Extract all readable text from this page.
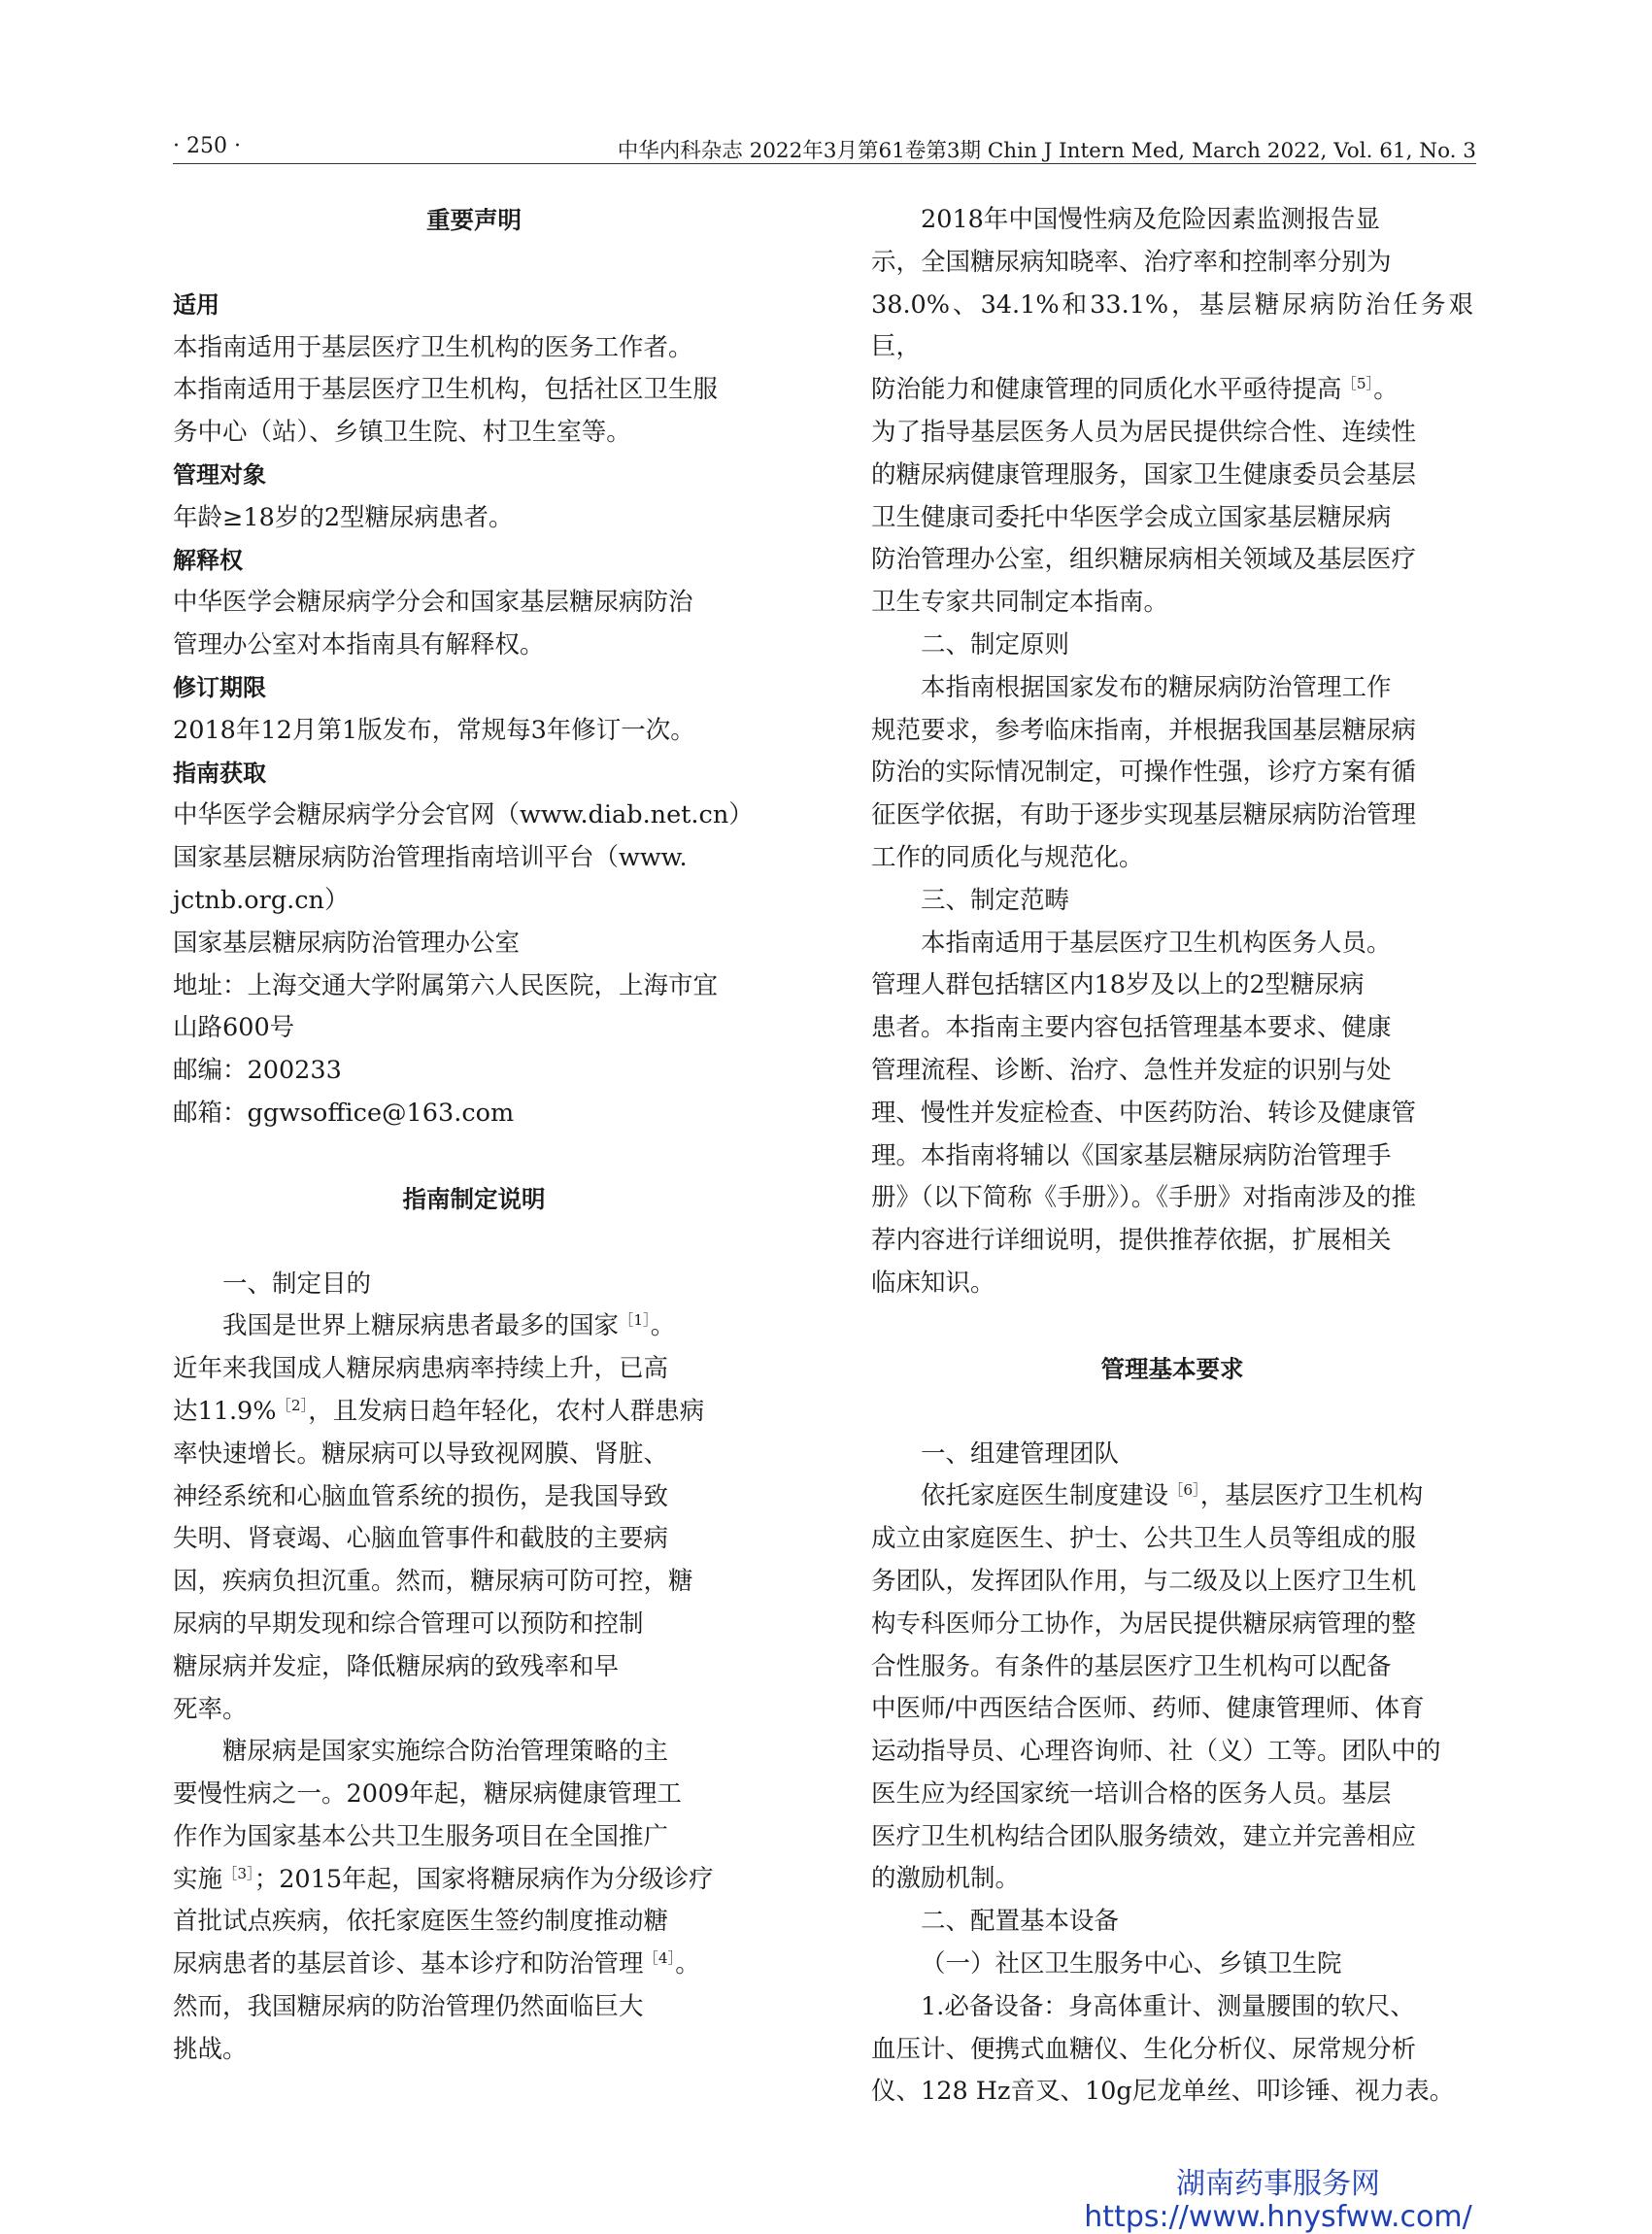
· 250 ·	中华内科杂志 2022年3月第61卷第3期 Chin J Intern Med, March 2022, Vol. 61, No. 3

重要声明

适用

本指南适用于基层医疗卫生机构的医务工作者。

本指南适用于基层医疗卫生机构，包括社区卫生服
务中心（站）、乡镇卫生院、村卫生室等。

管理对象

年龄≥18岁的2型糖尿病患者。

解释权

中华医学会糖尿病学分会和国家基层糖尿病防治
管理办公室对本指南具有解释权。

修订期限

2018年12月第1版发布，常规每3年修订一次。

指南获取

中华医学会糖尿病学分会官网（www.diab.net.cn）

国家基层糖尿病防治管理指南培训平台（www.
jctnb.org.cn）

国家基层糖尿病防治管理办公室

地址：上海交通大学附属第六人民医院，上海市宜
山路600号

邮编：200233

邮箱：ggwsoffice@163.com

指南制定说明

一、制定目的

我国是世界上糖尿病患者最多的国家$^{[1]}$。
近年来我国成人糖尿病患病率持续上升，已高
达11.9%$^{[2]}$，且发病日趋年轻化，农村人群患病
率快速增长。糖尿病可以导致视网膜、肾脏、
神经系统和心脑血管系统的损伤，是我国导致
失明、肾衰竭、心脑血管事件和截肢的主要病
因，疾病负担沉重。然而，糖尿病可防可控，糖
尿病的早期发现和综合管理可以预防和控制
糖尿病并发症，降低糖尿病的致残率和早
死率。

糖尿病是国家实施综合防治管理策略的主
要慢性病之一。2009年起，糖尿病健康管理工
作作为国家基本公共卫生服务项目在全国推广
实施$^{[3]}$；2015年起，国家将糖尿病作为分级诊疗
首批试点疾病，依托家庭医生签约制度推动糖
尿病患者的基层首诊、基本诊疗和防治管理$^{[4]}$。
然而，我国糖尿病的防治管理仍然面临巨大
挑战。

2018年中国慢性病及危险因素监测报告显
示，全国糖尿病知晓率、治疗率和控制率分别为
38.0%、34.1%和33.1%，基层糖尿病防治任务艰巨，
防治能力和健康管理的同质化水平亟待提高$^{[5]}$。
为了指导基层医务人员为居民提供综合性、连续性
的糖尿病健康管理服务，国家卫生健康委员会基层
卫生健康司委托中华医学会成立国家基层糖尿病
防治管理办公室，组织糖尿病相关领域及基层医疗
卫生专家共同制定本指南。

二、制定原则

本指南根据国家发布的糖尿病防治管理工作
规范要求，参考临床指南，并根据我国基层糖尿病
防治的实际情况制定，可操作性强，诊疗方案有循
征医学依据，有助于逐步实现基层糖尿病防治管理
工作的同质化与规范化。

三、制定范畴

本指南适用于基层医疗卫生机构医务人员。
管理人群包括辖区内18岁及以上的2型糖尿病
患者。本指南主要内容包括管理基本要求、健康
管理流程、诊断、治疗、急性并发症的识别与处
理、慢性并发症检查、中医药防治、转诊及健康管
理。本指南将辅以《国家基层糖尿病防治管理手
册》（以下简称《手册》）。《手册》对指南涉及的推
荐内容进行详细说明，提供推荐依据，扩展相关
临床知识。

管理基本要求

一、组建管理团队

依托家庭医生制度建设$^{[6]}$，基层医疗卫生机构
成立由家庭医生、护士、公共卫生人员等组成的服
务团队，发挥团队作用，与二级及以上医疗卫生机
构专科医师分工协作，为居民提供糖尿病管理的整
合性服务。有条件的基层医疗卫生机构可以配备
中医师/中西医结合医师、药师、健康管理师、体育
运动指导员、心理咨询师、社（义）工等。团队中的
医生应为经国家统一培训合格的医务人员。基层
医疗卫生机构结合团队服务绩效，建立并完善相应
的激励机制。

二、配置基本设备

（一）社区卫生服务中心、乡镇卫生院

1.必备设备：身高体重计、测量腰围的软尺、
血压计、便携式血糖仪、生化分析仪、尿常规分析
仪、128 Hz音叉、10g尼龙单丝、叩诊锤、视力表。

湖南药事服务网
https://www.hnysfww.com/
